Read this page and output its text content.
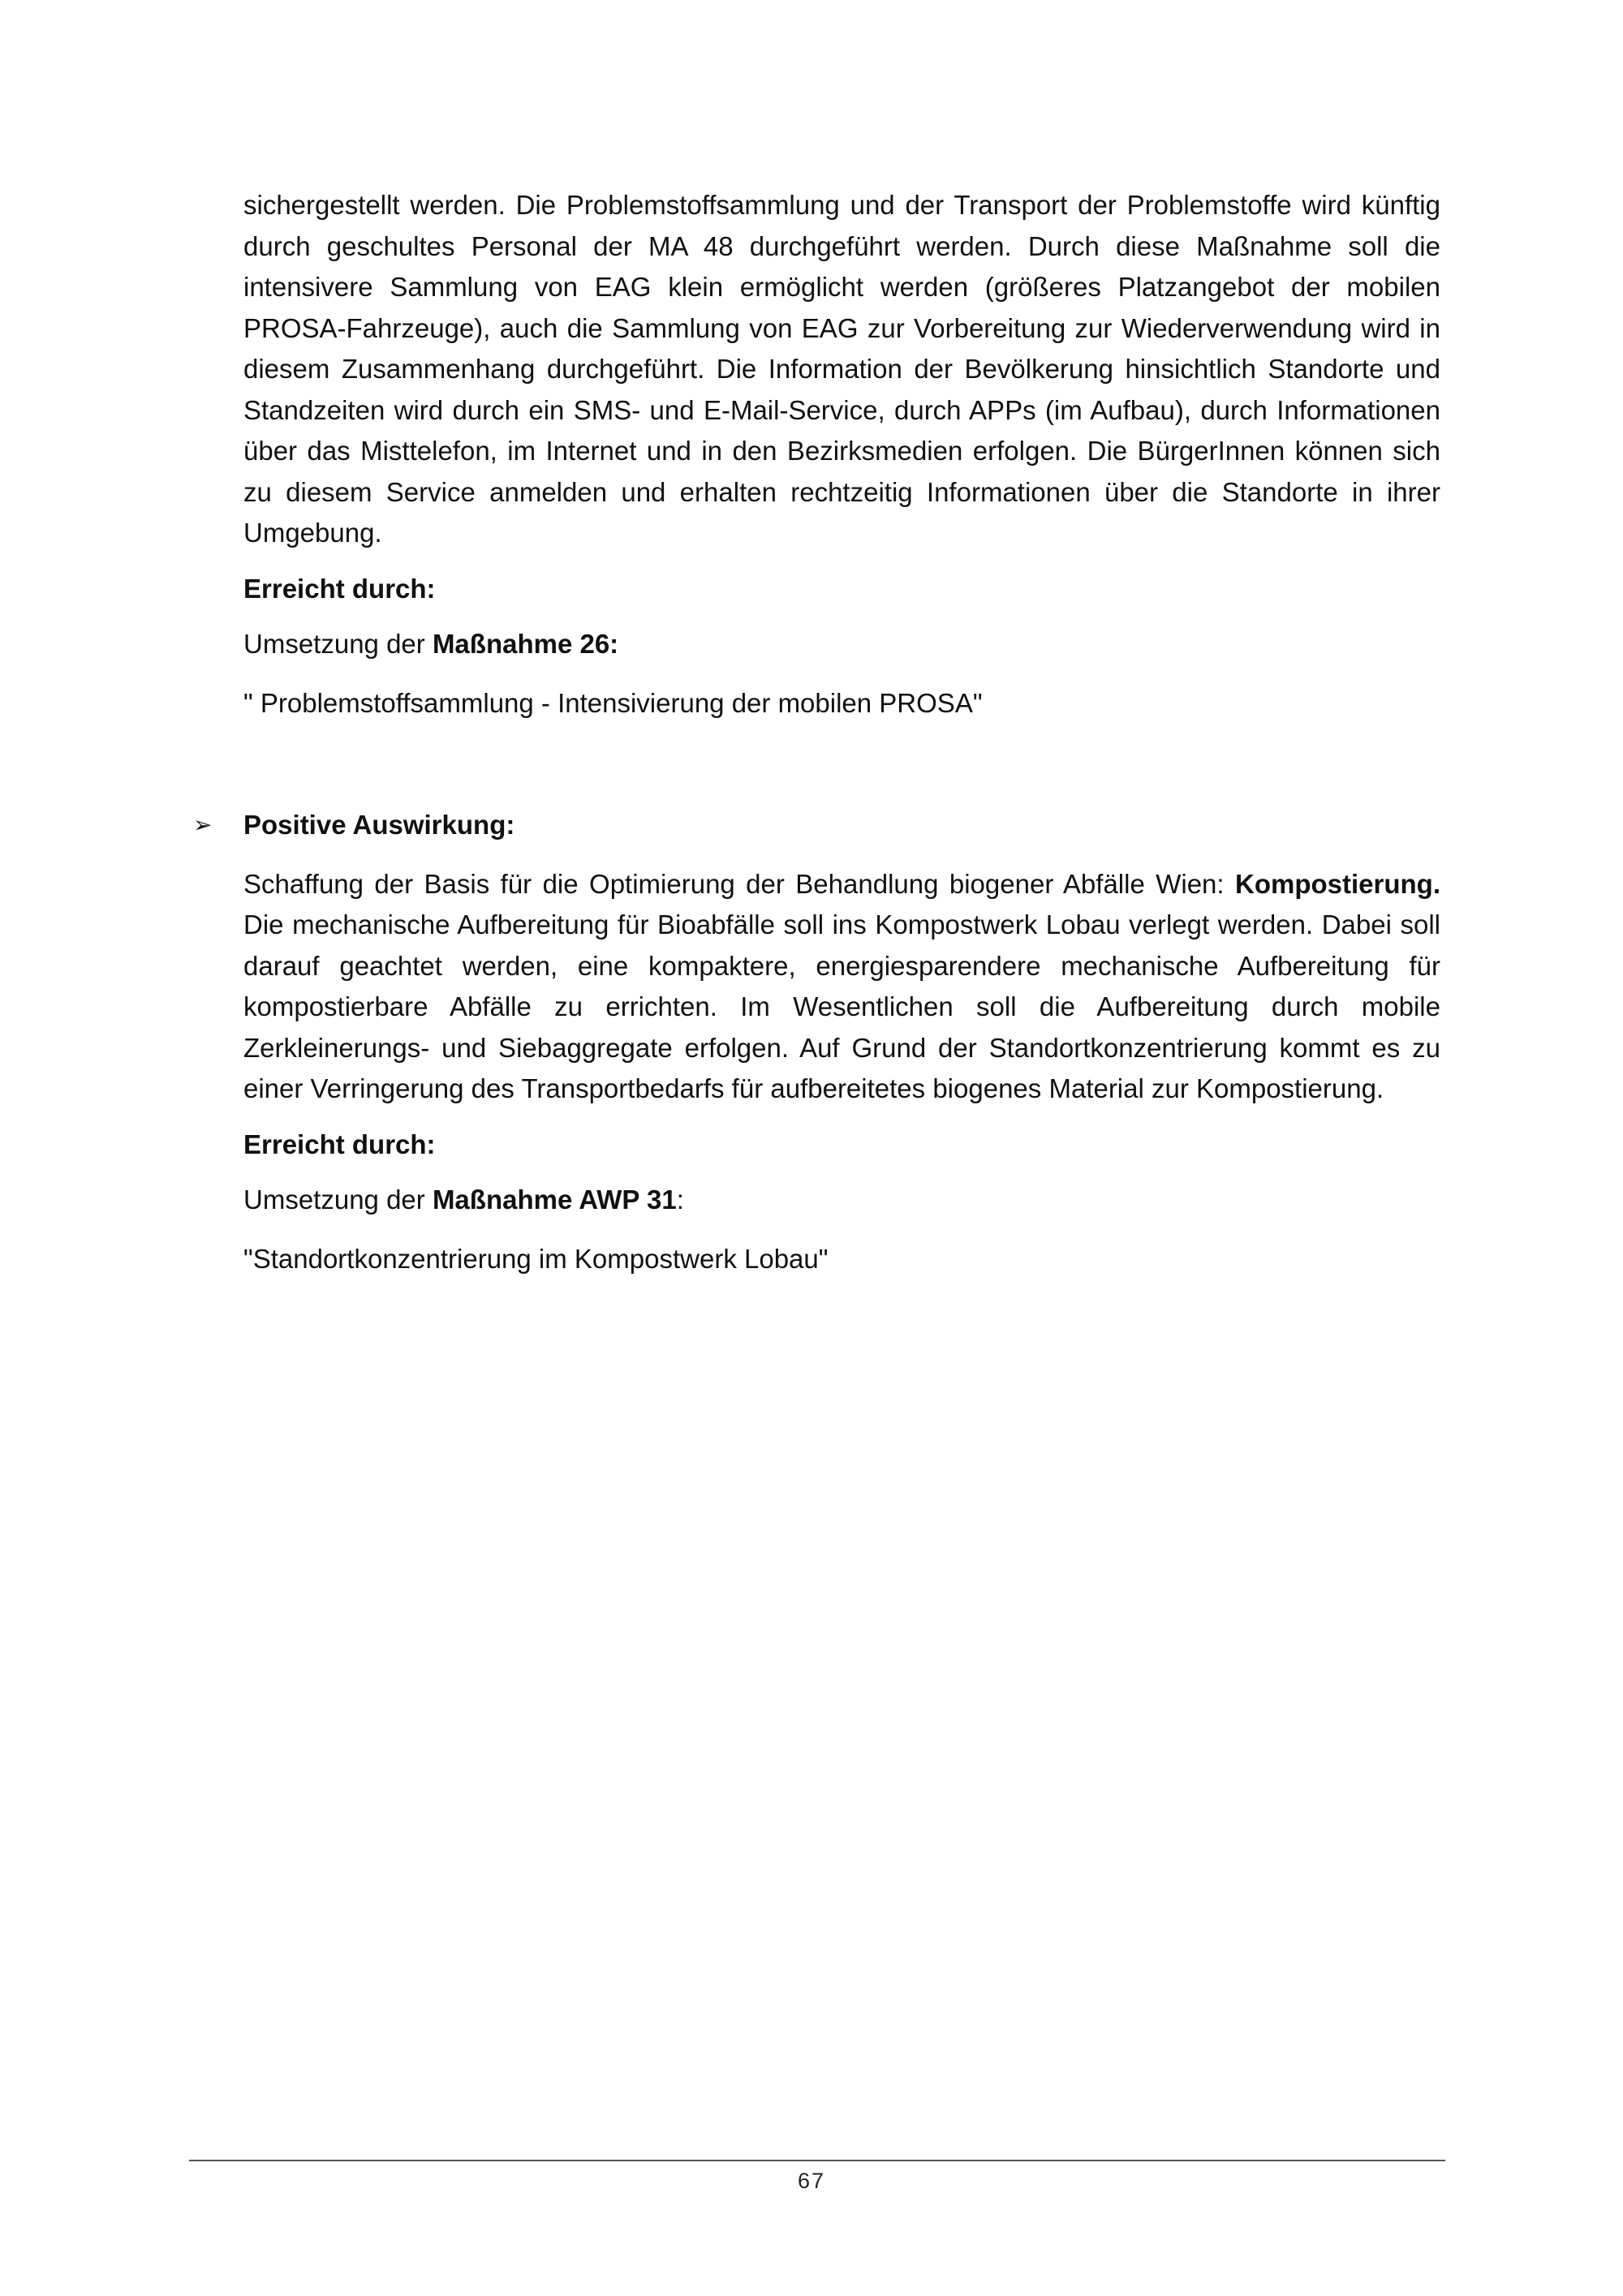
sichergestellt werden. Die Problemstoffsammlung und der Transport der Problemstoffe wird künftig durch geschultes Personal der MA 48 durchgeführt werden. Durch diese Maßnahme soll die intensivere Sammlung von EAG klein ermöglicht werden (größeres Platzangebot der mobilen PROSA-Fahrzeuge), auch die Sammlung von EAG zur Vorbereitung zur Wiederverwendung wird in diesem Zusammenhang durchgeführt. Die Information der Bevölkerung hinsichtlich Standorte und Standzeiten wird durch ein SMS- und E-Mail-Service, durch APPs (im Aufbau), durch Informationen über das Misttelefon, im Internet und in den Bezirksmedien erfolgen. Die BürgerInnen können sich zu diesem Service anmelden und erhalten rechtzeitig Informationen über die Standorte in ihrer Umgebung.

Erreicht durch:

Umsetzung der Maßnahme 26:

" Problemstoffsammlung - Intensivierung der mobilen PROSA"

➢ Positive Auswirkung:

Schaffung der Basis für die Optimierung der Behandlung biogener Abfälle Wien: Kompostierung. Die mechanische Aufbereitung für Bioabfälle soll ins Kompostwerk Lobau verlegt werden. Dabei soll darauf geachtet werden, eine kompaktere, energiesparendere mechanische Aufbereitung für kompostierbare Abfälle zu errichten. Im Wesentlichen soll die Aufbereitung durch mobile Zerkleinerungs- und Siebaggregate erfolgen. Auf Grund der Standortkonzentrierung kommt es zu einer Verringerung des Transportbedarfs für aufbereitetes biogenes Material zur Kompostierung.

Erreicht durch:

Umsetzung der Maßnahme AWP 31:

"Standortkonzentrierung im Kompostwerk Lobau"

67
